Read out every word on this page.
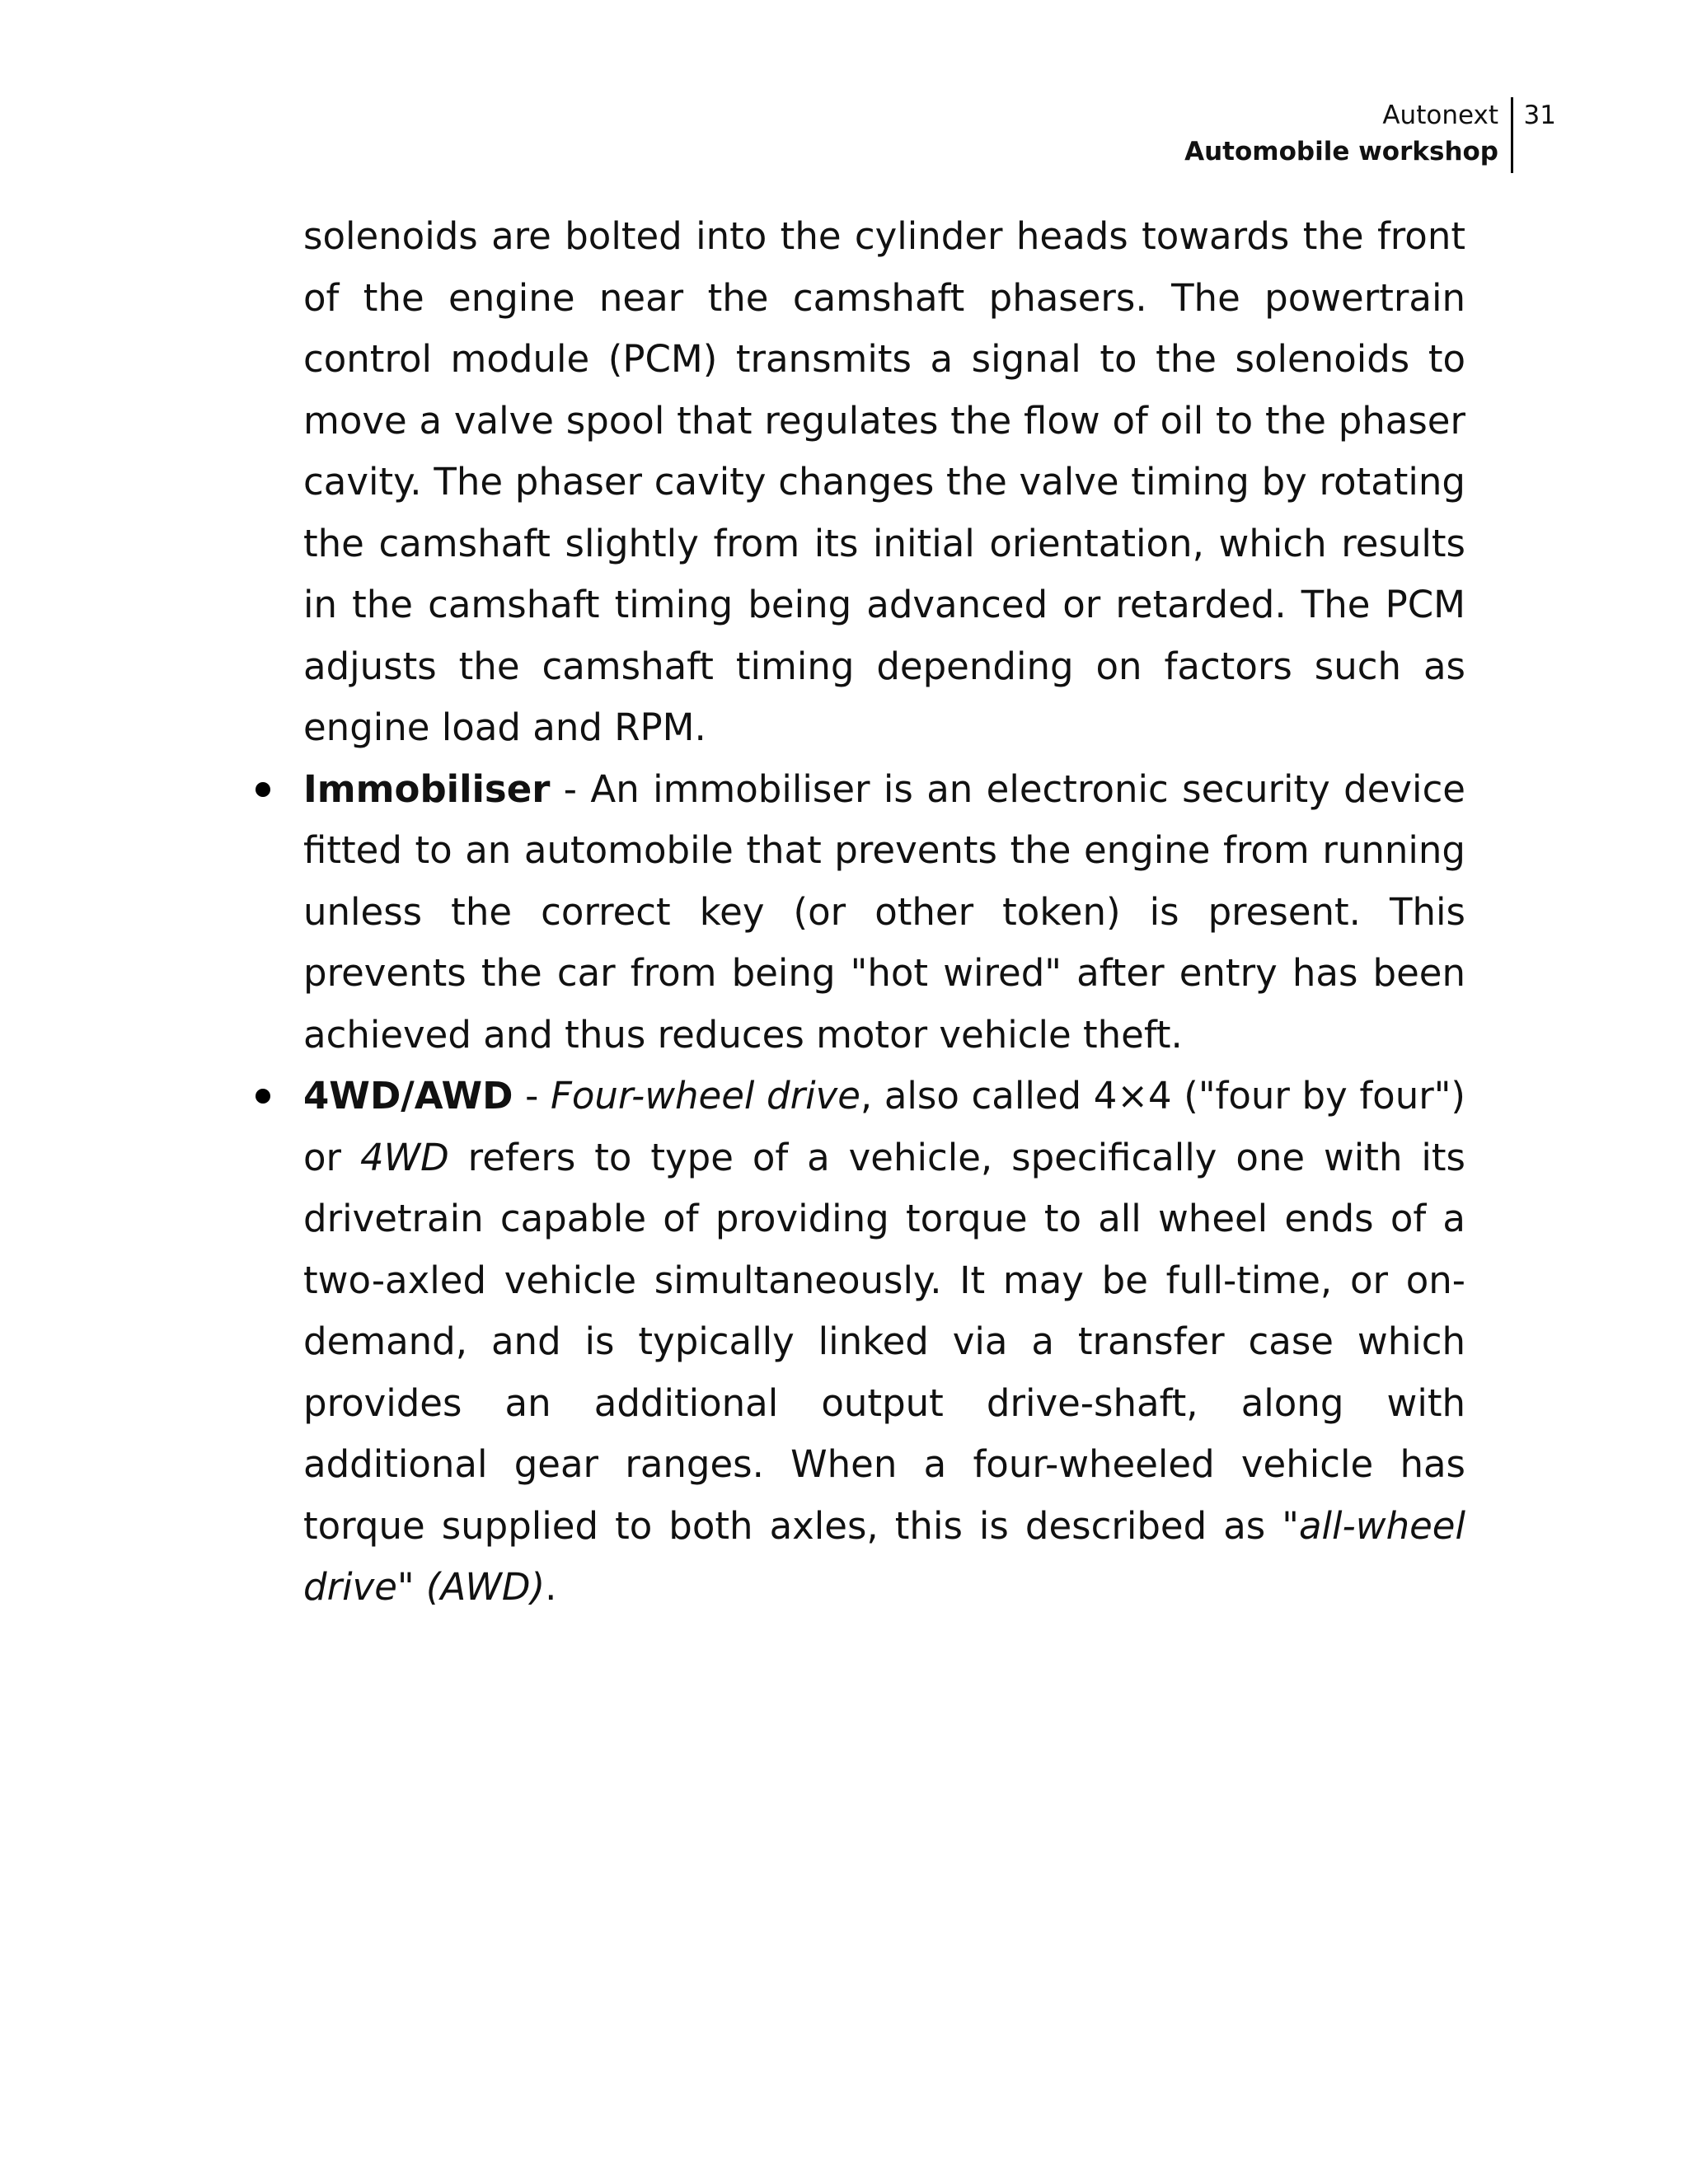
Autonext
Automobile workshop
31

solenoids are bolted into the cylinder heads towards the front of the engine near the camshaft phasers. The powertrain control module (PCM) transmits a signal to the solenoids to move a valve spool that regulates the flow of oil to the phaser cavity. The phaser cavity changes the valve timing by rotating the camshaft slightly from its initial orientation, which results in the camshaft timing being advanced or retarded. The PCM adjusts the camshaft timing depending on factors such as engine load and RPM.

Immobiliser - An immobiliser is an electronic security device fitted to an automobile that prevents the engine from running unless the correct key (or other token) is present. This prevents the car from being "hot wired" after entry has been achieved and thus reduces motor vehicle theft.

4WD/AWD - Four-wheel drive, also called 4×4 ("four by four") or 4WD refers to type of a vehicle, specifically one with its drivetrain capable of providing torque to all wheel ends of a two-axled vehicle simultaneously. It may be full-time, or on-demand, and is typically linked via a transfer case which provides an additional output drive-shaft, along with additional gear ranges. When a four-wheeled vehicle has torque supplied to both axles, this is described as "all-wheel drive" (AWD).
